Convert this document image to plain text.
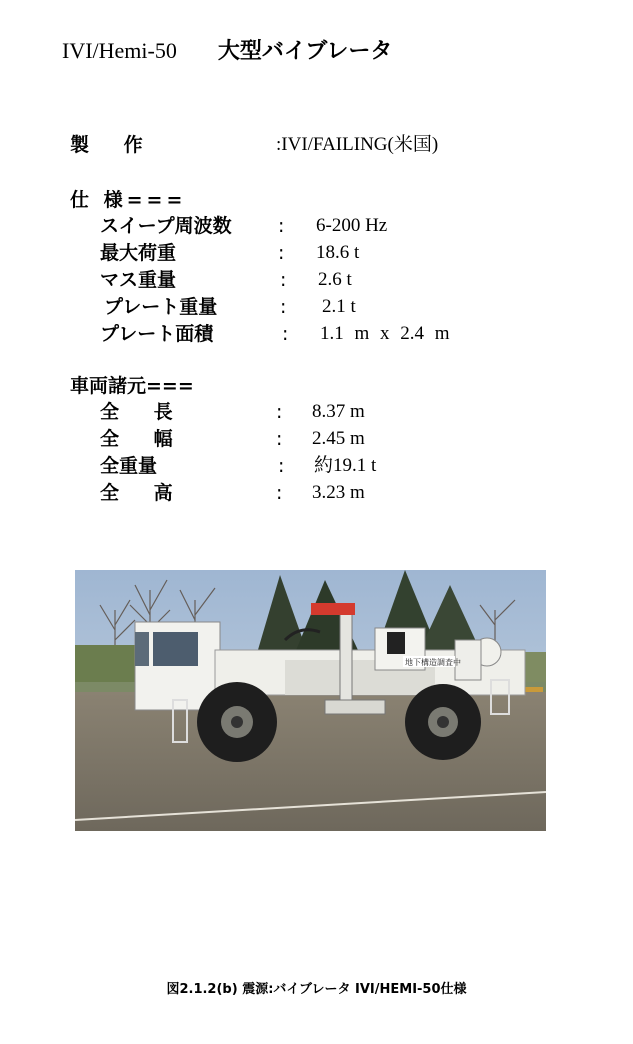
IVI/Hemi-50 大型バイブレータ
製 作	:IVI/FAILING(米国)
仕 様===
スイープ周波数 : 6-200 Hz
最大荷重	: 18.6 t
マス重量	: 2.6 t
プレート重量	: 2.1 t
プレート面積	: 1.1 m x 2.4 m
車両諸元===
全 長	: 8.37 m
全 幅	: 2.45 m
全重量	: 約19.1 t
全 高	: 3.23 m
地下構造調査中
図2.1.2(b) 震源:バイブレータ IVI/HEMI-50仕様
